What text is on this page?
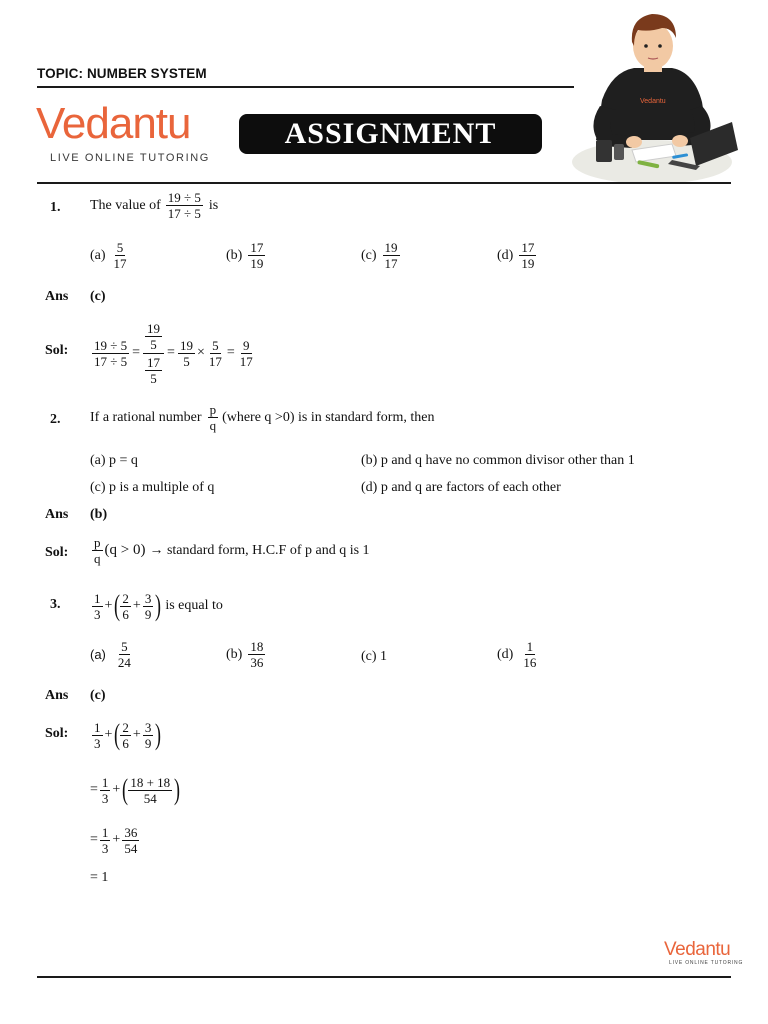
TOPIC: NUMBER SYSTEM
Vedantu
LIVE ONLINE TUTORING
ASSIGNMENT
Vedantu
1. The value of $\frac{19 \div 5}{17 \div 5}$ is
$(a) \frac{5}{17}$	$(b) \frac{17}{19}$	$(c) \frac{19}{17}$	$(d) \frac{17}{19}$
Ans (c)
Sol: $\frac{19 \div 5}{17 \div 5} = \frac{\frac{19}{5}}{\frac{17}{5}} = \frac{19}{5} \times \frac{5}{17} = \frac{9}{17}$
2. If a rational number $\frac{p}{q}$ (where q >0) is in standard form, then
(a) p = q	(b) p and q have no common divisor other than 1
(c) p is a multiple of q	(d) p and q are factors of each other
Ans (b)
Sol: $\frac{p}{q} (q > 0)$ → standard form, H.C.F of p and q is 1
3. $\frac{1}{3}$ + ( $\frac{2}{6} + \frac{3}{9}$ ) is equal to
$(a) \frac{5}{24}$	$(b) \frac{18}{36}$	(c) 1	$(d) \frac{1}{16}$
Ans (c)
Sol: $\frac{1}{3}$ + ( $\frac{2}{6} + \frac{3}{9}$ )
= $\frac{1}{3}$ + ( $\frac{18 + 18}{54}$ )
= $\frac{1}{3} + \frac{36}{54}$
= 1
Vedantu
LIVE ONLINE TUTORING
